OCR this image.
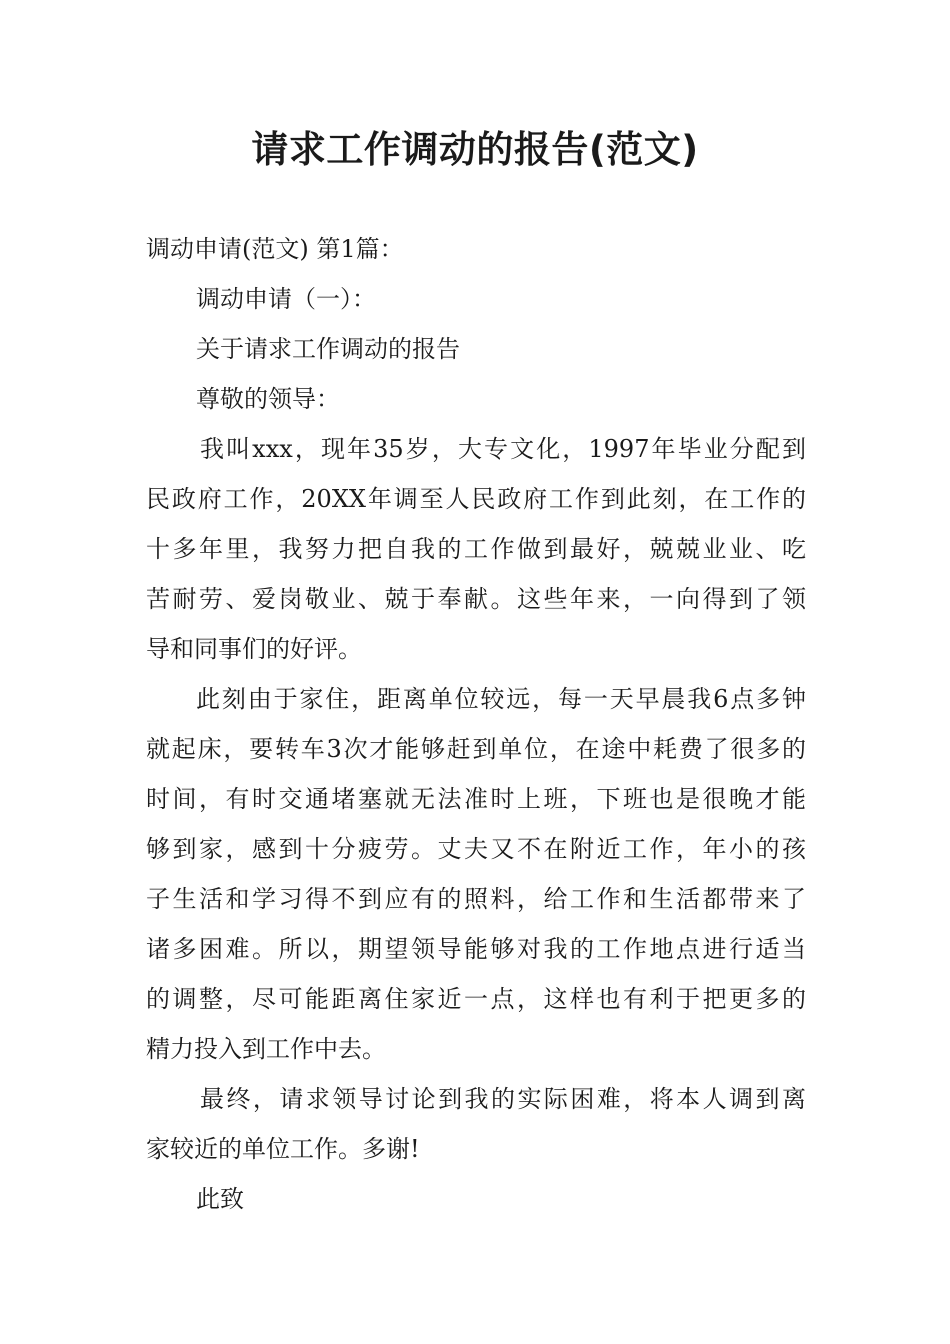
请求工作调动的报告(范文)
调动申请(范文) 第1篇：
调动申请（一）：
关于请求工作调动的报告
尊敬的领导：
我叫xxx，现年35岁，大专文化，1997年毕业分配到
民政府工作，20XX年调至人民政府工作到此刻，在工作的
十多年里，我努力把自我的工作做到最好，兢兢业业、吃
苦耐劳、爱岗敬业、兢于奉献。这些年来，一向得到了领
导和同事们的好评。
此刻由于家住，距离单位较远，每一天早晨我6点多钟
就起床，要转车3次才能够赶到单位，在途中耗费了很多的
时间，有时交通堵塞就无法准时上班，下班也是很晚才能
够到家，感到十分疲劳。丈夫又不在附近工作，年小的孩
子生活和学习得不到应有的照料，给工作和生活都带来了
诸多困难。所以，期望领导能够对我的工作地点进行适当
的调整，尽可能距离住家近一点，这样也有利于把更多的
精力投入到工作中去。
最终，请求领导讨论到我的实际困难，将本人调到离
家较近的单位工作。多谢!
此致
